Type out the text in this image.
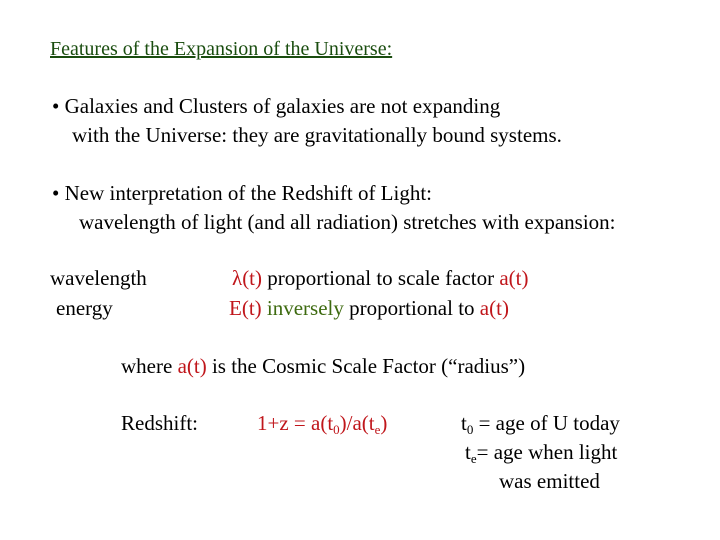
Features of the Expansion of the Universe:
• Galaxies and Clusters of galaxies are not expanding
with the Universe: they are gravitationally bound systems.
• New interpretation of the Redshift of Light:
wavelength of light (and all radiation) stretches with expansion:
wavelength
energy
λ(t) proportional to scale factor a(t)
E(t) inversely proportional to a(t)
where a(t) is the Cosmic Scale Factor (“radius”)
Redshift:	$1+z = a(t_0)/a(t_e)$	$t_0$ = age of U today
$t_e=$ age when light
was emitted
